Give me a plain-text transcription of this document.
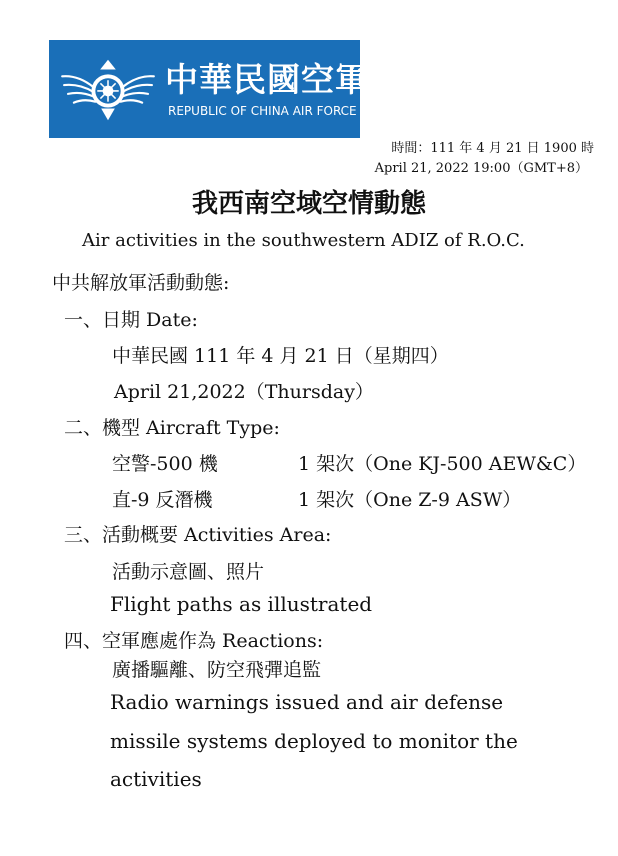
中華民國空軍
REPUBLIC OF CHINA AIR FORCE
時間：111 年 4 月 21 日 1900 時
April 21, 2022 19:00（GMT+8）
我西南空域空情動態
Air activities in the southwestern ADIZ of R.O.C.
中共解放軍活動動態:
一、日期 Date:
中華民國 111 年 4 月 21 日（星期四）
April 21,2022（Thursday）
二、機型 Aircraft Type:
空警-500 機	1 架次（One KJ-500 AEW&C）
直-9 反潛機	1 架次（One Z-9 ASW）
三、活動概要 Activities Area:
活動示意圖、照片
Flight paths as illustrated
四、空軍應處作為 Reactions:
廣播驅離、防空飛彈追監
Radio warnings issued and air defense
missile systems deployed to monitor the
activities
